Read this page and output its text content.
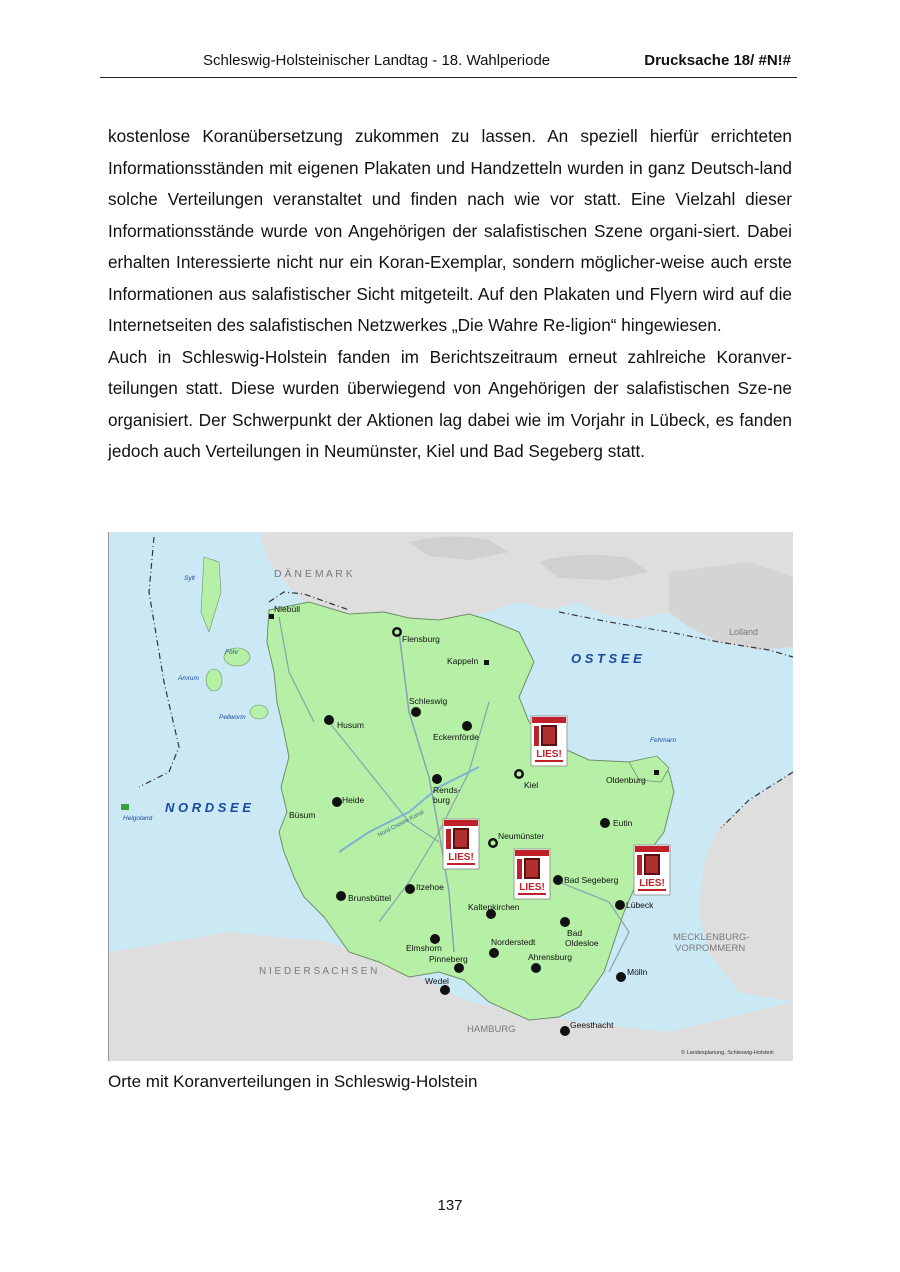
Schleswig-Holsteinischer Landtag - 18. Wahlperiode	Drucksache 18/ #N!#

kostenlose Koranübersetzung zukommen zu lassen. An speziell hierfür errichteten Informationsständen mit eigenen Plakaten und Handzetteln wurden in ganz Deutsch-land solche Verteilungen veranstaltet und finden nach wie vor statt. Eine Vielzahl dieser Informationsstände wurde von Angehörigen der salafistischen Szene organi-siert. Dabei erhalten Interessierte nicht nur ein Koran-Exemplar, sondern möglicher-weise auch erste Informationen aus salafistischer Sicht mitgeteilt. Auf den Plakaten und Flyern wird auf die Internetseiten des salafistischen Netzwerkes „Die Wahre Re-ligion“ hingewiesen.

Auch in Schleswig-Holstein fanden im Berichtszeitraum erneut zahlreiche Koranver-teilungen statt. Diese wurden überwiegend von Angehörigen der salafistischen Sze-ne organisiert. Der Schwerpunkt der Aktionen lag dabei wie im Vorjahr in Lübeck, es fanden jedoch auch Verteilungen in Neumünster, Kiel und Bad Segeberg statt.

Nord-Ostsee-Kanal
D Ä N E M A R K
O S T S E E
N O R D S E E
N I E D E R S A C H S E N
MECKLENBURG-
VORPOMMERN
HAMBURG
Lolland
Sylt
Föhr
Amrum
Pellworm
Helgoland
Fehmarn
Niebüll
Flensburg
Kappeln
Schleswig
Husum
Eckernförde
Kiel	Oldenburg
Rends-
burg
Heide
Büsum
Neumünster
Eutin
Bad Segeberg
Itzehoe
Brunsbüttel
Lübeck
Kaltenkirchen
Bad
Oldesloe
Elmshorn
Norderstedt
Pinneberg	Ahrensburg
Mölln
Wedel
Geesthacht
© Landesplanung, Schleswig-Holstein
Orte mit Koranverteilungen in Schleswig-Holstein
137
